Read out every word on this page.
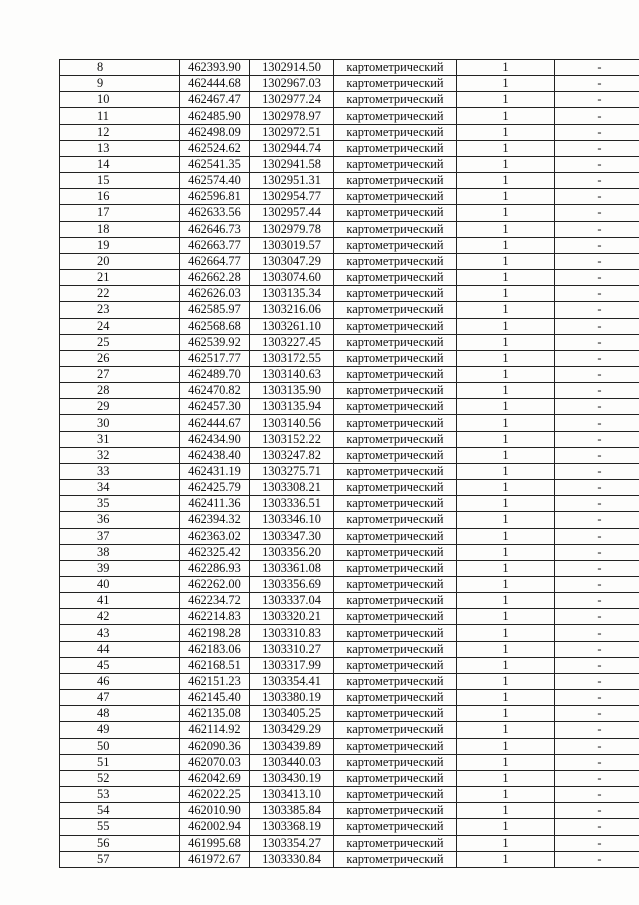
8	462393.90	1302914.50	картометрический	1	-
9	462444.68	1302967.03	картометрический	1	-
10	462467.47	1302977.24	картометрический	1	-
11	462485.90	1302978.97	картометрический	1	-
12	462498.09	1302972.51	картометрический	1	-
13	462524.62	1302944.74	картометрический	1	-
14	462541.35	1302941.58	картометрический	1	-
15	462574.40	1302951.31	картометрический	1	-
16	462596.81	1302954.77	картометрический	1	-
17	462633.56	1302957.44	картометрический	1	-
18	462646.73	1302979.78	картометрический	1	-
19	462663.77	1303019.57	картометрический	1	-
20	462664.77	1303047.29	картометрический	1	-
21	462662.28	1303074.60	картометрический	1	-
22	462626.03	1303135.34	картометрический	1	-
23	462585.97	1303216.06	картометрический	1	-
24	462568.68	1303261.10	картометрический	1	-
25	462539.92	1303227.45	картометрический	1	-
26	462517.77	1303172.55	картометрический	1	-
27	462489.70	1303140.63	картометрический	1	-
28	462470.82	1303135.90	картометрический	1	-
29	462457.30	1303135.94	картометрический	1	-
30	462444.67	1303140.56	картометрический	1	-
31	462434.90	1303152.22	картометрический	1	-
32	462438.40	1303247.82	картометрический	1	-
33	462431.19	1303275.71	картометрический	1	-
34	462425.79	1303308.21	картометрический	1	-
35	462411.36	1303336.51	картометрический	1	-
36	462394.32	1303346.10	картометрический	1	-
37	462363.02	1303347.30	картометрический	1	-
38	462325.42	1303356.20	картометрический	1	-
39	462286.93	1303361.08	картометрический	1	-
40	462262.00	1303356.69	картометрический	1	-
41	462234.72	1303337.04	картометрический	1	-
42	462214.83	1303320.21	картометрический	1	-
43	462198.28	1303310.83	картометрический	1	-
44	462183.06	1303310.27	картометрический	1	-
45	462168.51	1303317.99	картометрический	1	-
46	462151.23	1303354.41	картометрический	1	-
47	462145.40	1303380.19	картометрический	1	-
48	462135.08	1303405.25	картометрический	1	-
49	462114.92	1303429.29	картометрический	1	-
50	462090.36	1303439.89	картометрический	1	-
51	462070.03	1303440.03	картометрический	1	-
52	462042.69	1303430.19	картометрический	1	-
53	462022.25	1303413.10	картометрический	1	-
54	462010.90	1303385.84	картометрический	1	-
55	462002.94	1303368.19	картометрический	1	-
56	461995.68	1303354.27	картометрический	1	-
57	461972.67	1303330.84	картометрический	1	-
